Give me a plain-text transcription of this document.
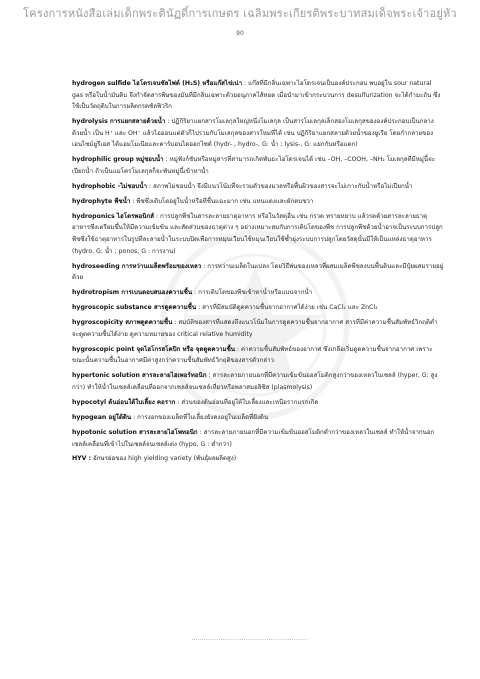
โครงการหนังสือเล่มเด็กพระตินัฏดิ์การเกษตร เฉลิมพระเกียรติพระบาทสมเด็จพระเจ้าอยู่หัว
90
hydrogen sulfide ไฮโดรเจนซัลไฟด์ (H₂S) หรือแก๊สไข่เน่า : แก๊สที่มีกลิ่นเฉพาะไฮโดรเจนเป็นองค์ประกอบ พบอยู่ใน sour natural gas หรือในน้ำมันดิบ จึงกำจัดสารพิษของมันที่มีกลิ่นเฉพาะด้วยอนุภาคไส้หยด เมื่อนำมาเข้ากระบวนการ desulfurization จะได้กำมะถัน ซึ่งใช้เป็นวัตถุดิบในการผลิตกรดซัลฟิวริก
hydrolysis การแยกสลายด้วยน้ำ : ปฏิกิริยาแยกสารโมเลกุลใหญ่หนึ่งโมเลกุล เป็นสารโมเลกุลเล็กสองโมเลกุลขององค์ประกอบเป็นกลางด้วยน้ำ เป็น H⁺ และ OH⁻ แล้วไอออนแต่ตัวก็ไปรวมกับโมเลกุลของสารใหม่ที่ได้ เช่น ปฏิกิริยาแยกสลายด้วยน้ำของยูเรีย โดยกำกลายของเอนไซม์ยูรีเอส ได้แอมโมเนียและคาร์บอนไดออกไซด์ (hydr- , hydro-, G: น้ำ ; lysis-, G: แยกกันหรือแตก)
hydrophilic group หมู่ชอบน้ำ : หมู่ฟังก์ชันหรือหมู่สารที่สามารถเกิดพันธะไฮโดรเจนได้ เช่น –OH, –COOH, –NH₂ โมเลกุลที่มีหมู่นี้จะเปียกน้ำ ถ้าเป็นแมโครโมเลกุลก็จะพันหมู่นี้เข้าหาน้ำ
hydrophobic -ไม่ชอบน้ำ : สภาพไม่ชอบน้ำ จึงมีแนวโน้มที่จะรวมตัวของมวลหรือพื้นผิวของสารจะไม่เกาะกับน้ำหรือไม่เปียกน้ำ
hydrophyte พืชน้ำ : พืชซึ่งเติบโตอยู่ในน้ำหรือที่ชื้นแฉะมาก เช่น แหนแดงและผักตบชวา
hydroponics ไฮโดรพอนิกส์ : การปลูกพืชในสารละลายธาตุอาหาร หรือในวัสดุอื่น เช่น กรวด ทรายหยาบ แล้วรดด้วยสารละลายธาตุอาหารซึ่งเตรียมขึ้นให้มีความเข้มข้น และสัดส่วนของธาตุต่าง ๆ อย่างเหมาะสมกับการเติบโตของพืช การปลูกพืชด้วยน้ำอาจเป็นระบบการปลูกพืชซึ่งใช้ธาตุอาหารในรูปที่ละลายน้ำในระบบปิดเพื่อการหมุนเวียนใช้หมุนเวียนใช้ซ้ำยุ่งระบบการปลูกโดยวัสดุนั้นมีให้เป็นแหล่งธาตุอาหาร (hydro, G: น้ำ ; ponos, G : การงาน)
hydroseeding การหว่านเมล็ดพร้อมของเหลว : การหว่านเมล็ดในแปลง โดยวิธีพ่นของเหลวที่ผสมเมล็ดพืชลงบนพื้นดินและมีปุ๋ยผสมรายอยู่ด้วย
hydrotropism การเบนตอบสนองความชื้น : การเติบโตของพืชเข้าหาน้ำหรือแบนจากน้ำ
hygroscopic substance สารดูดความชื้น : สารที่มีสมบัติดูดความชื้นจากอากาศได้ง่าย เช่น CaCl₂ และ ZnCl₂
hygroscopicity สภาพดูดความชื้น : สมบัติของสารที่แสดงถึงแนวโน้มในการดูดความชื้นจากอากาศ สารที่มีค่าความชื้นสัมพัทธ์วิกฤติต่ำ จะดูดความชื้นได้ง่าย ดูความหมายของ critical relative humidity
hygroscopic point จุดไฮโกรสโคปิก หรือ จุดดูดความชื้น : ค่าความชื้นสัมพัทธ์ของอากาศ ซึ่งเกลือเริ่มดูดความชื้นจากอากาศ เพราะขณะนั้นความชื้นในอากาศมีค่าสูงกว่าความชื้นสัมพัทธ์วิกฤติของสารตัวกล่าว
hypertonic solution สารละลายไฮเพอร์ทอนิก : สารละลายภายนอกที่มีความเข้มข้นออสโมติกสูงกว่าของเหลวในเซลล์ (hyper, G: สูงกว่า) ทำให้น้ำในเซลล์เคลื่อนที่ออกจากเซลล์จนเซลล์เหี่ยวหรือพลาสมอลิซิส (plasmolysis)
hypocotyl ต้นอ่อนใต้ใบเลี้ยง คอราก : ส่วนของต้นอ่อนที่อยู่ใต้ใบเลี้ยงและเหนือรากแรกเกิด
hypogean อยู่ใต้ดิน : การงอกของเมล็ดที่ใบเลี้ยงยังคงอยู่ในเมล็ดที่ฝังดิน
hypotonic solution สารละลายไฮโพทอนิก : สารละลายภายนอกที่มีความเข้มข้นออสโมติกต่ำกว่าของเหลวในเซลล์ ทำให้น้ำจากนอกเซลล์เคลื่อนที่เข้าไปในเซลล์จนเซลล์เต่ง (hypo, G : ต่ำกว่า)
HYV : อักษรย่อของ high yielding variety (พันธุ์ผลผลิตสูง)
........................................................
